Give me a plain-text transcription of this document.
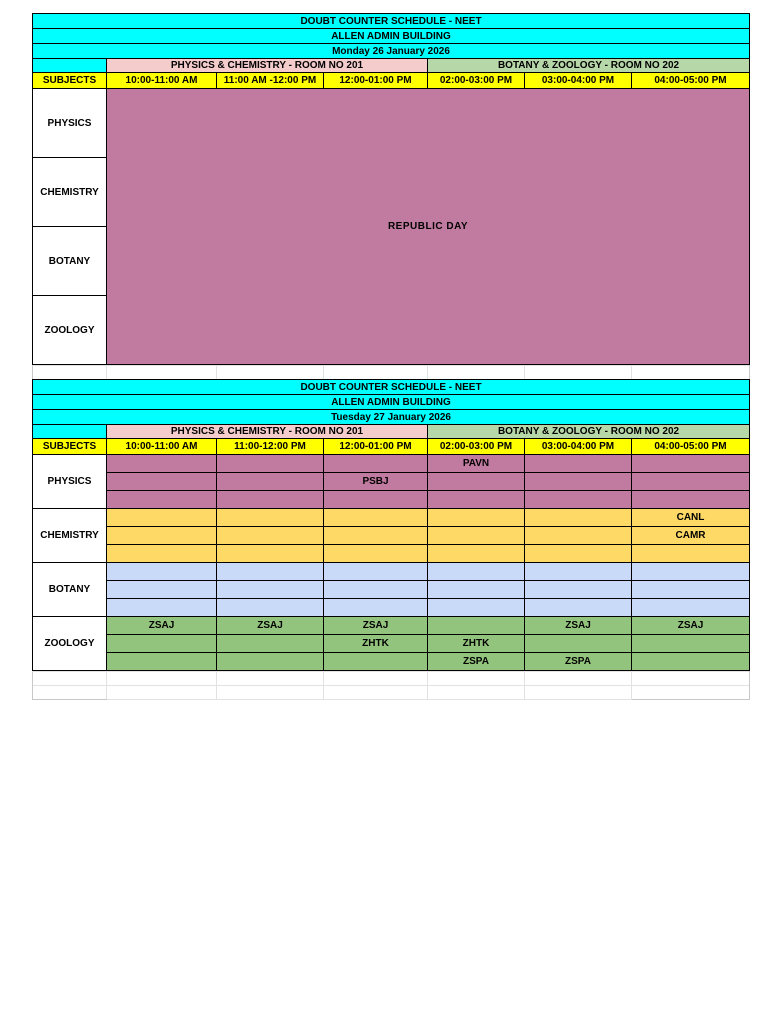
DOUBT COUNTER SCHEDULE - NEET						
ALLEN ADMIN BUILDING						
Monday 26 January 2026						
	PHYSICS & CHEMISTRY - ROOM NO 201			BOTANY & ZOOLOGY - ROOM NO 202		
SUBJECTS	10:00-11:00 AM	11:00 AM -12:00 PM	12:00-01:00 PM	02:00-03:00 PM	03:00-04:00 PM	04:00-05:00 PM
PHYSICS	REPUBLIC DAY					
CHEMISTRY						
BOTANY						
ZOOLOGY						

DOUBT COUNTER SCHEDULE - NEET						
ALLEN ADMIN BUILDING						
Tuesday 27 January 2026						
	PHYSICS & CHEMISTRY - ROOM NO 201			BOTANY & ZOOLOGY - ROOM NO 202		
SUBJECTS	10:00-11:00 AM	11:00-12:00 PM	12:00-01:00 PM	02:00-03:00 PM	03:00-04:00 PM	04:00-05:00 PM
PHYSICS				PAVN		
			PSBJ			

CHEMISTRY						CANL
						CAMR

BOTANY						

ZOOLOGY	ZSAJ	ZSAJ	ZSAJ		ZSAJ	ZSAJ
			ZHTK	ZHTK		
				ZSPA	ZSPA	
